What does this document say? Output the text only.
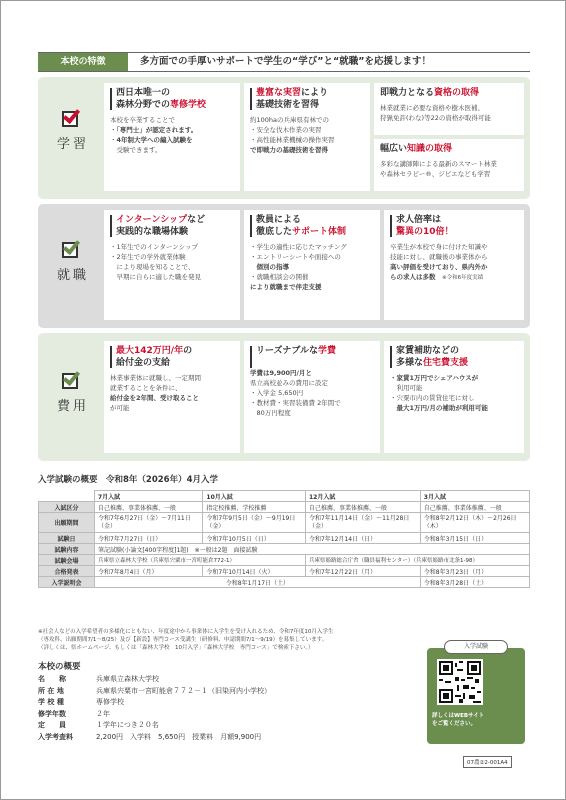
本校の特徴	多方面での手厚いサポートで学生の“学び”と“就職”を応援します！
学習
西日本唯一の
森林分野での専修学校
本校を卒業することで
・「専門士」が認定されます。
・4年制大学への編入試験を
　受験できます。
豊富な実習により
基礎技術を習得
約100haの兵庫県有林での
・安全な伐木作業の実習
・高性能林業機械の操作実習
で即戦力の基礎技術を習得
即戦力となる資格の取得
林業就業に必要な資格や樹木医補、
狩猟免許(わな)等22の資格が取得可能
幅広い知識の取得
多彩な講師陣による最新のスマート林業
や森林セラピー®、ジビエなども学習
就職
インターンシップなど
実践的な職場体験
・1年生でのインターンシップ
・2年生での学外就業体験
　により現場を知ることで、
　早期に自らに適した職を発見
教員による
徹底したサポート体制
・学生の適性に応じたマッチング
・エントリーシートや面接への
　個別の指導
・就職相談会の開催
により就職まで伴走支援
求人倍率は
驚異の10倍！
卒業生が本校で身に付けた知識や
技能に対し、就職後の事業体から
高い評価を受けており、県内外か
らの求人は多数　 ※令和6年度実績
費用
最大142万円/年の
給付金の支給
林業事業体に就職し、一定期間
就業することを条件に、
給付金を2年間、受け取ること
が可能
リーズナブルな学費
学費は9,900円/月と
県立高校並みの費用に設定
・入学金 5,650円
・教材費・実習装備費 2年間で
　80万円程度
家賃補助などの
多様な住宅費支援
・家賃1万円でシェアハウスが
　利用可能
・宍粟市内の賃貸住宅に対し
　最大1万円/月の補助が利用可能
入学試験の概要　令和8年（2026年）4月入学
	7月入試	10月入試	12月入試	3月入試
入試区分	自己推薦、事業体推薦、一般	指定校推薦、学校推薦	自己推薦、事業体推薦、一般	自己推薦、事業体推薦、一般
出願期間	令和7年6月27日（金）〜7月11日（金）	令和7年9月5日（金）〜9月19日（金）	令和7年11月14日（金）〜11月28日（金）	令和8年2月12日（木）〜2月26日（木）
試験日	令和7年7月27日（日）	令和7年10月5日（日）	令和7年12月14日（日）	令和8年3月15日（日）
試験内容	筆記試験(小論文[400字程度]1題)　※一般は2題　面接試験			
試験会場	兵庫県立森林大学校（兵庫県宍粟市一宮町能倉772-1）		兵庫県姫路総合庁舎（職員福利センター）（兵庫県姫路市北条1-98）	
合格発表	令和7年8月4日（月）	令和7年10月14日（火）	令和7年12月22日（月）	令和8年3月23日（月）
入学説明会	令和8年1月17日（土）			令和8年3月28日（土）
※社会人などの入学希望者の多様化にともない、年度途中から事業体に入学生を受け入れるため、令和7年度10月入学生
（専攻科、出願期間7/1〜8/25）及び【新設】専門コース受講生（研修料、申請期間7/1〜9/19）を募集しています。
（詳しくは、県ホームページ、もしくは「森林大学校　10月入学」「森林大学校　専門コース」で検索下さい。）
本校の概要
名　　称	兵庫県立森林大学校
所 在 地	兵庫県宍粟市一宮町能倉７７２－１（旧染河内小学校）
学 校 種	専修学校
修学年数	２年
定　　員	１学年につき２０名
入学考査料	2,200円　入学料　5,650円　授業料　月額9,900円
入学試験
詳しくはWEBサイト
をご覧ください。
07農②2-001A4
